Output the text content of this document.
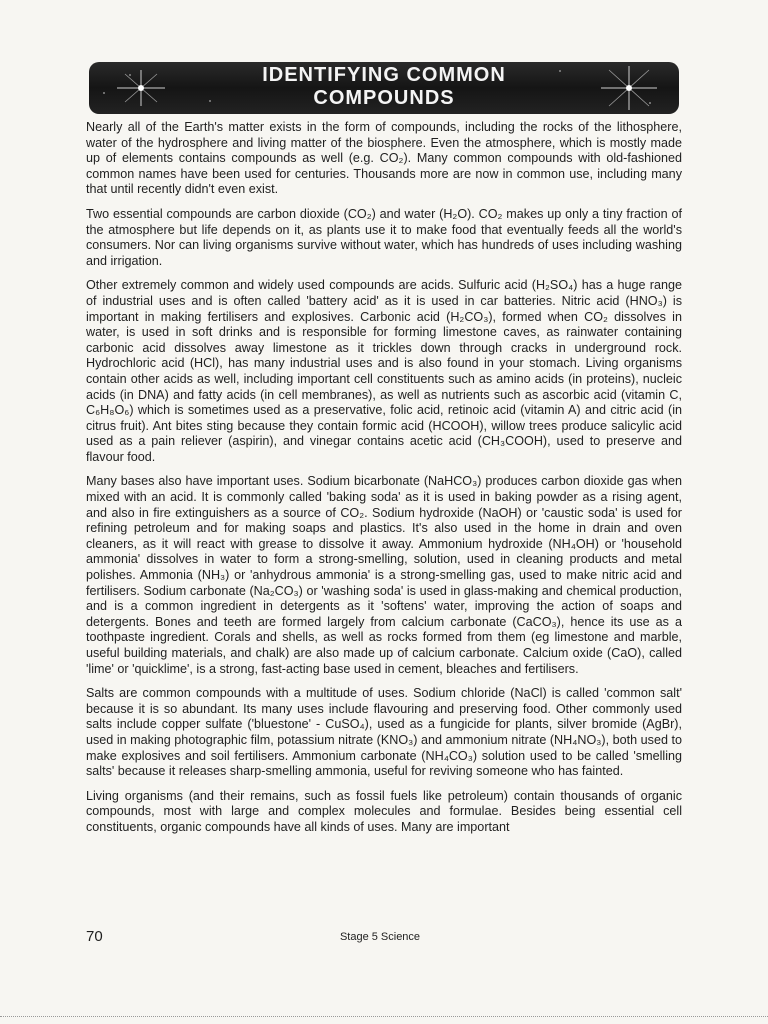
IDENTIFYING COMMON
COMPOUNDS

Nearly all of the Earth's matter exists in the form of compounds, including the rocks of the lithosphere, water of the hydrosphere and living matter of the biosphere. Even the atmosphere, which is mostly made up of elements contains compounds as well (e.g. CO₂). Many common compounds with old-fashioned common names have been used for centuries. Thousands more are now in common use, including many that until recently didn't even exist.

Two essential compounds are carbon dioxide (CO₂) and water (H₂O). CO₂ makes up only a tiny fraction of the atmosphere but life depends on it, as plants use it to make food that eventually feeds all the world's consumers. Nor can living organisms survive without water, which has hundreds of uses including washing and irrigation.

Other extremely common and widely used compounds are acids. Sulfuric acid (H₂SO₄) has a huge range of industrial uses and is often called 'battery acid' as it is used in car batteries. Nitric acid (HNO₃) is important in making fertilisers and explosives. Carbonic acid (H₂CO₃), formed when CO₂ dissolves in water, is used in soft drinks and is responsible for forming limestone caves, as rainwater containing carbonic acid dissolves away limestone as it trickles down through cracks in underground rock. Hydrochloric acid (HCl), has many industrial uses and is also found in your stomach. Living organisms contain other acids as well, including important cell constituents such as amino acids (in proteins), nucleic acids (in DNA) and fatty acids (in cell membranes), as well as nutrients such as ascorbic acid (vitamin C, C₆H₈O₆) which is sometimes used as a preservative, folic acid, retinoic acid (vitamin A) and citric acid (in citrus fruit). Ant bites sting because they contain formic acid (HCOOH), willow trees produce salicylic acid used as a pain reliever (aspirin), and vinegar contains acetic acid (CH₃COOH), used to preserve and flavour food.

Many bases also have important uses. Sodium bicarbonate (NaHCO₃) produces carbon dioxide gas when mixed with an acid. It is commonly called 'baking soda' as it is used in baking powder as a rising agent, and also in fire extinguishers as a source of CO₂. Sodium hydroxide (NaOH) or 'caustic soda' is used for refining petroleum and for making soaps and plastics. It's also used in the home in drain and oven cleaners, as it will react with grease to dissolve it away. Ammonium hydroxide (NH₄OH) or 'household ammonia' dissolves in water to form a strong-smelling, solution, used in cleaning products and metal polishes. Ammonia (NH₃) or 'anhydrous ammonia' is a strong-smelling gas, used to make nitric acid and fertilisers. Sodium carbonate (Na₂CO₃) or 'washing soda' is used in glass-making and chemical production, and is a common ingredient in detergents as it 'softens' water, improving the action of soaps and detergents. Bones and teeth are formed largely from calcium carbonate (CaCO₃), hence its use as a toothpaste ingredient. Corals and shells, as well as rocks formed from them (eg limestone and marble, useful building materials, and chalk) are also made up of calcium carbonate. Calcium oxide (CaO), called 'lime' or 'quicklime', is a strong, fast-acting base used in cement, bleaches and fertilisers.

Salts are common compounds with a multitude of uses. Sodium chloride (NaCl) is called 'common salt' because it is so abundant. Its many uses include flavouring and preserving food. Other commonly used salts include copper sulfate ('bluestone' - CuSO₄), used as a fungicide for plants, silver bromide (AgBr), used in making photographic film, potassium nitrate (KNO₃) and ammonium nitrate (NH₄NO₃), both used to make explosives and soil fertilisers. Ammonium carbonate (NH₄CO₃) solution used to be called 'smelling salts' because it releases sharp-smelling ammonia, useful for reviving someone who has fainted.

Living organisms (and their remains, such as fossil fuels like petroleum) contain thousands of organic compounds, most with large and complex molecules and formulae. Besides being essential cell constituents, organic compounds have all kinds of uses. Many are important

70	Stage 5 Science
